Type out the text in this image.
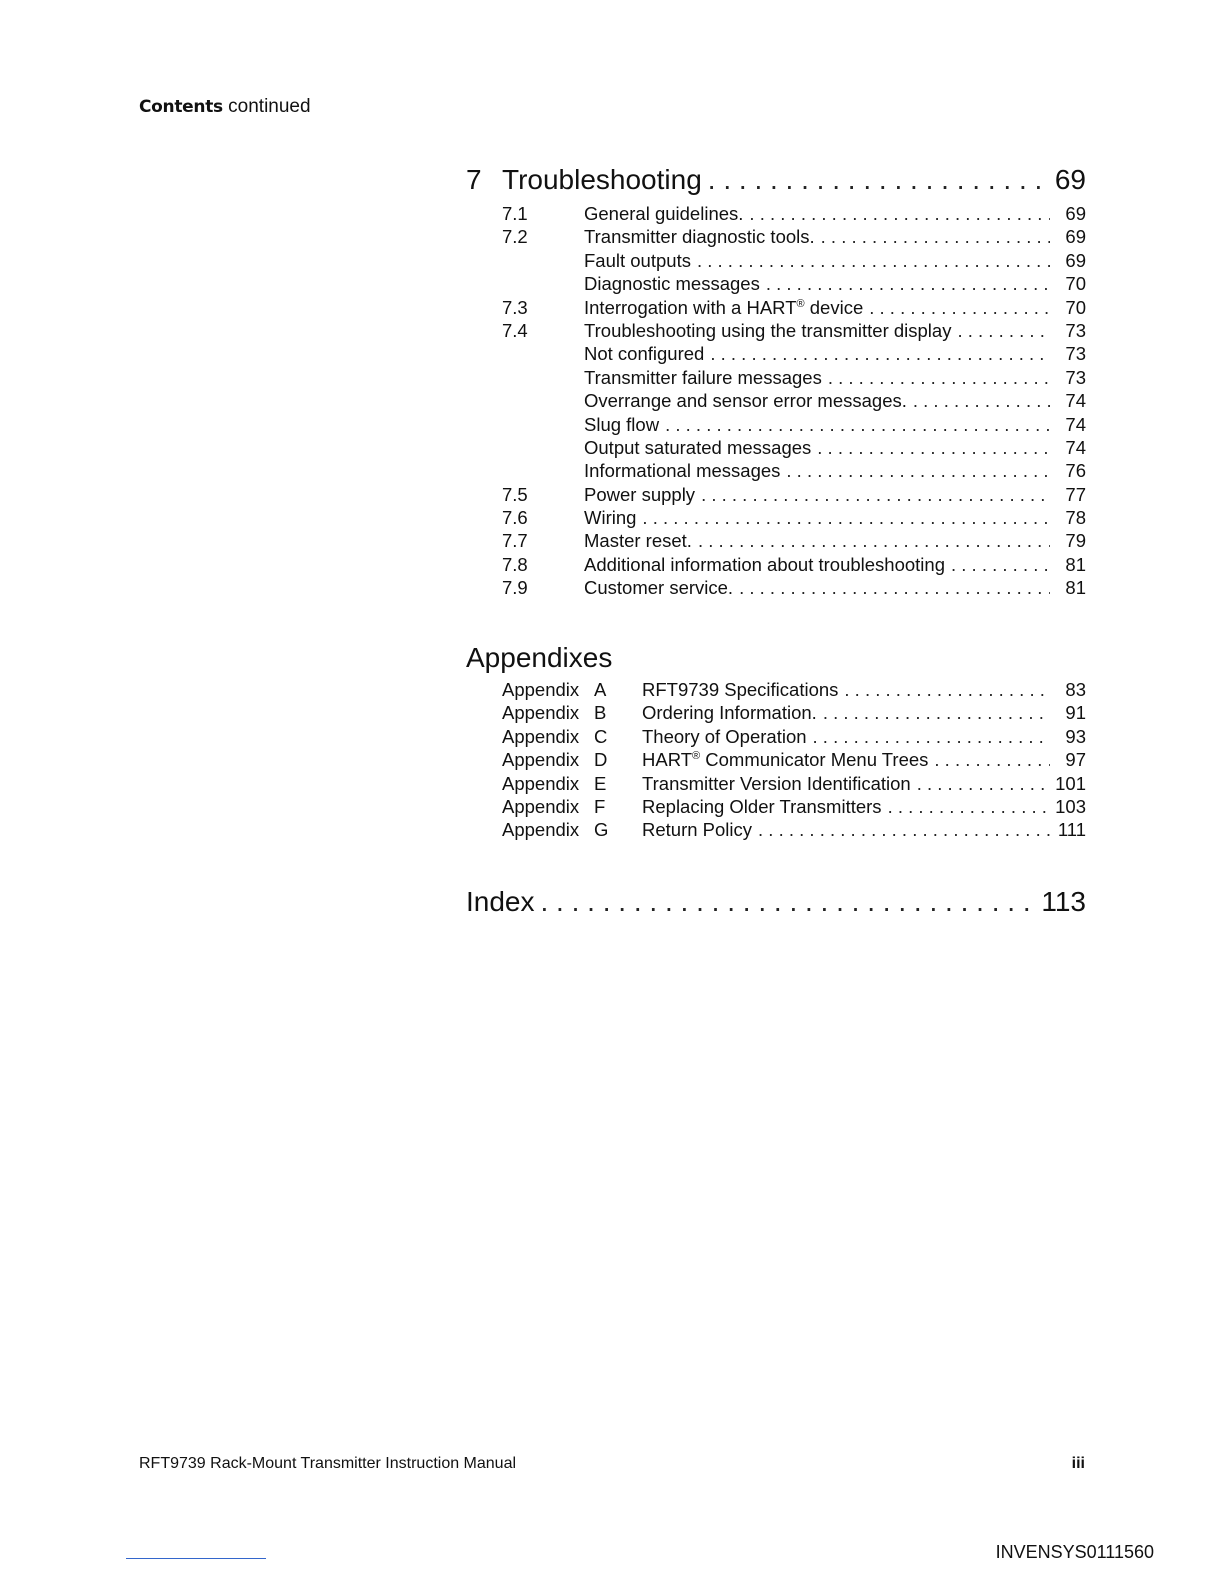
Contents continued
7 Troubleshooting . . .	69
7.1	General guidelines. . . .	69
7.2	Transmitter diagnostic tools. . . .	69
Fault outputs . . .	69
Diagnostic messages . . .	70
7.3	Interrogation with a HART® device . . .	70
7.4	Troubleshooting using the transmitter display . . .	73
Not configured . . .	73
Transmitter failure messages . . .	73
Overrange and sensor error messages. . . .	74
Slug flow . . .	74
Output saturated messages . . .	74
Informational messages . . .	76
7.5	Power supply . . .	77
7.6	Wiring . . .	78
7.7	Master reset. . . .	79
7.8	Additional information about troubleshooting . . .	81
7.9	Customer service. . . .	81
Appendixes
Appendix A RFT9739 Specifications . . .	83
Appendix B Ordering Information. . . .	91
Appendix C Theory of Operation . . .	93
Appendix D HART® Communicator Menu Trees . . .	97
Appendix E Transmitter Version Identification . . .	101
Appendix F Replacing Older Transmitters . . .	103
Appendix G Return Policy . . .	111
Index . . .	113
RFT9739 Rack-Mount Transmitter Instruction Manual	iii
INVENSYS0111560
